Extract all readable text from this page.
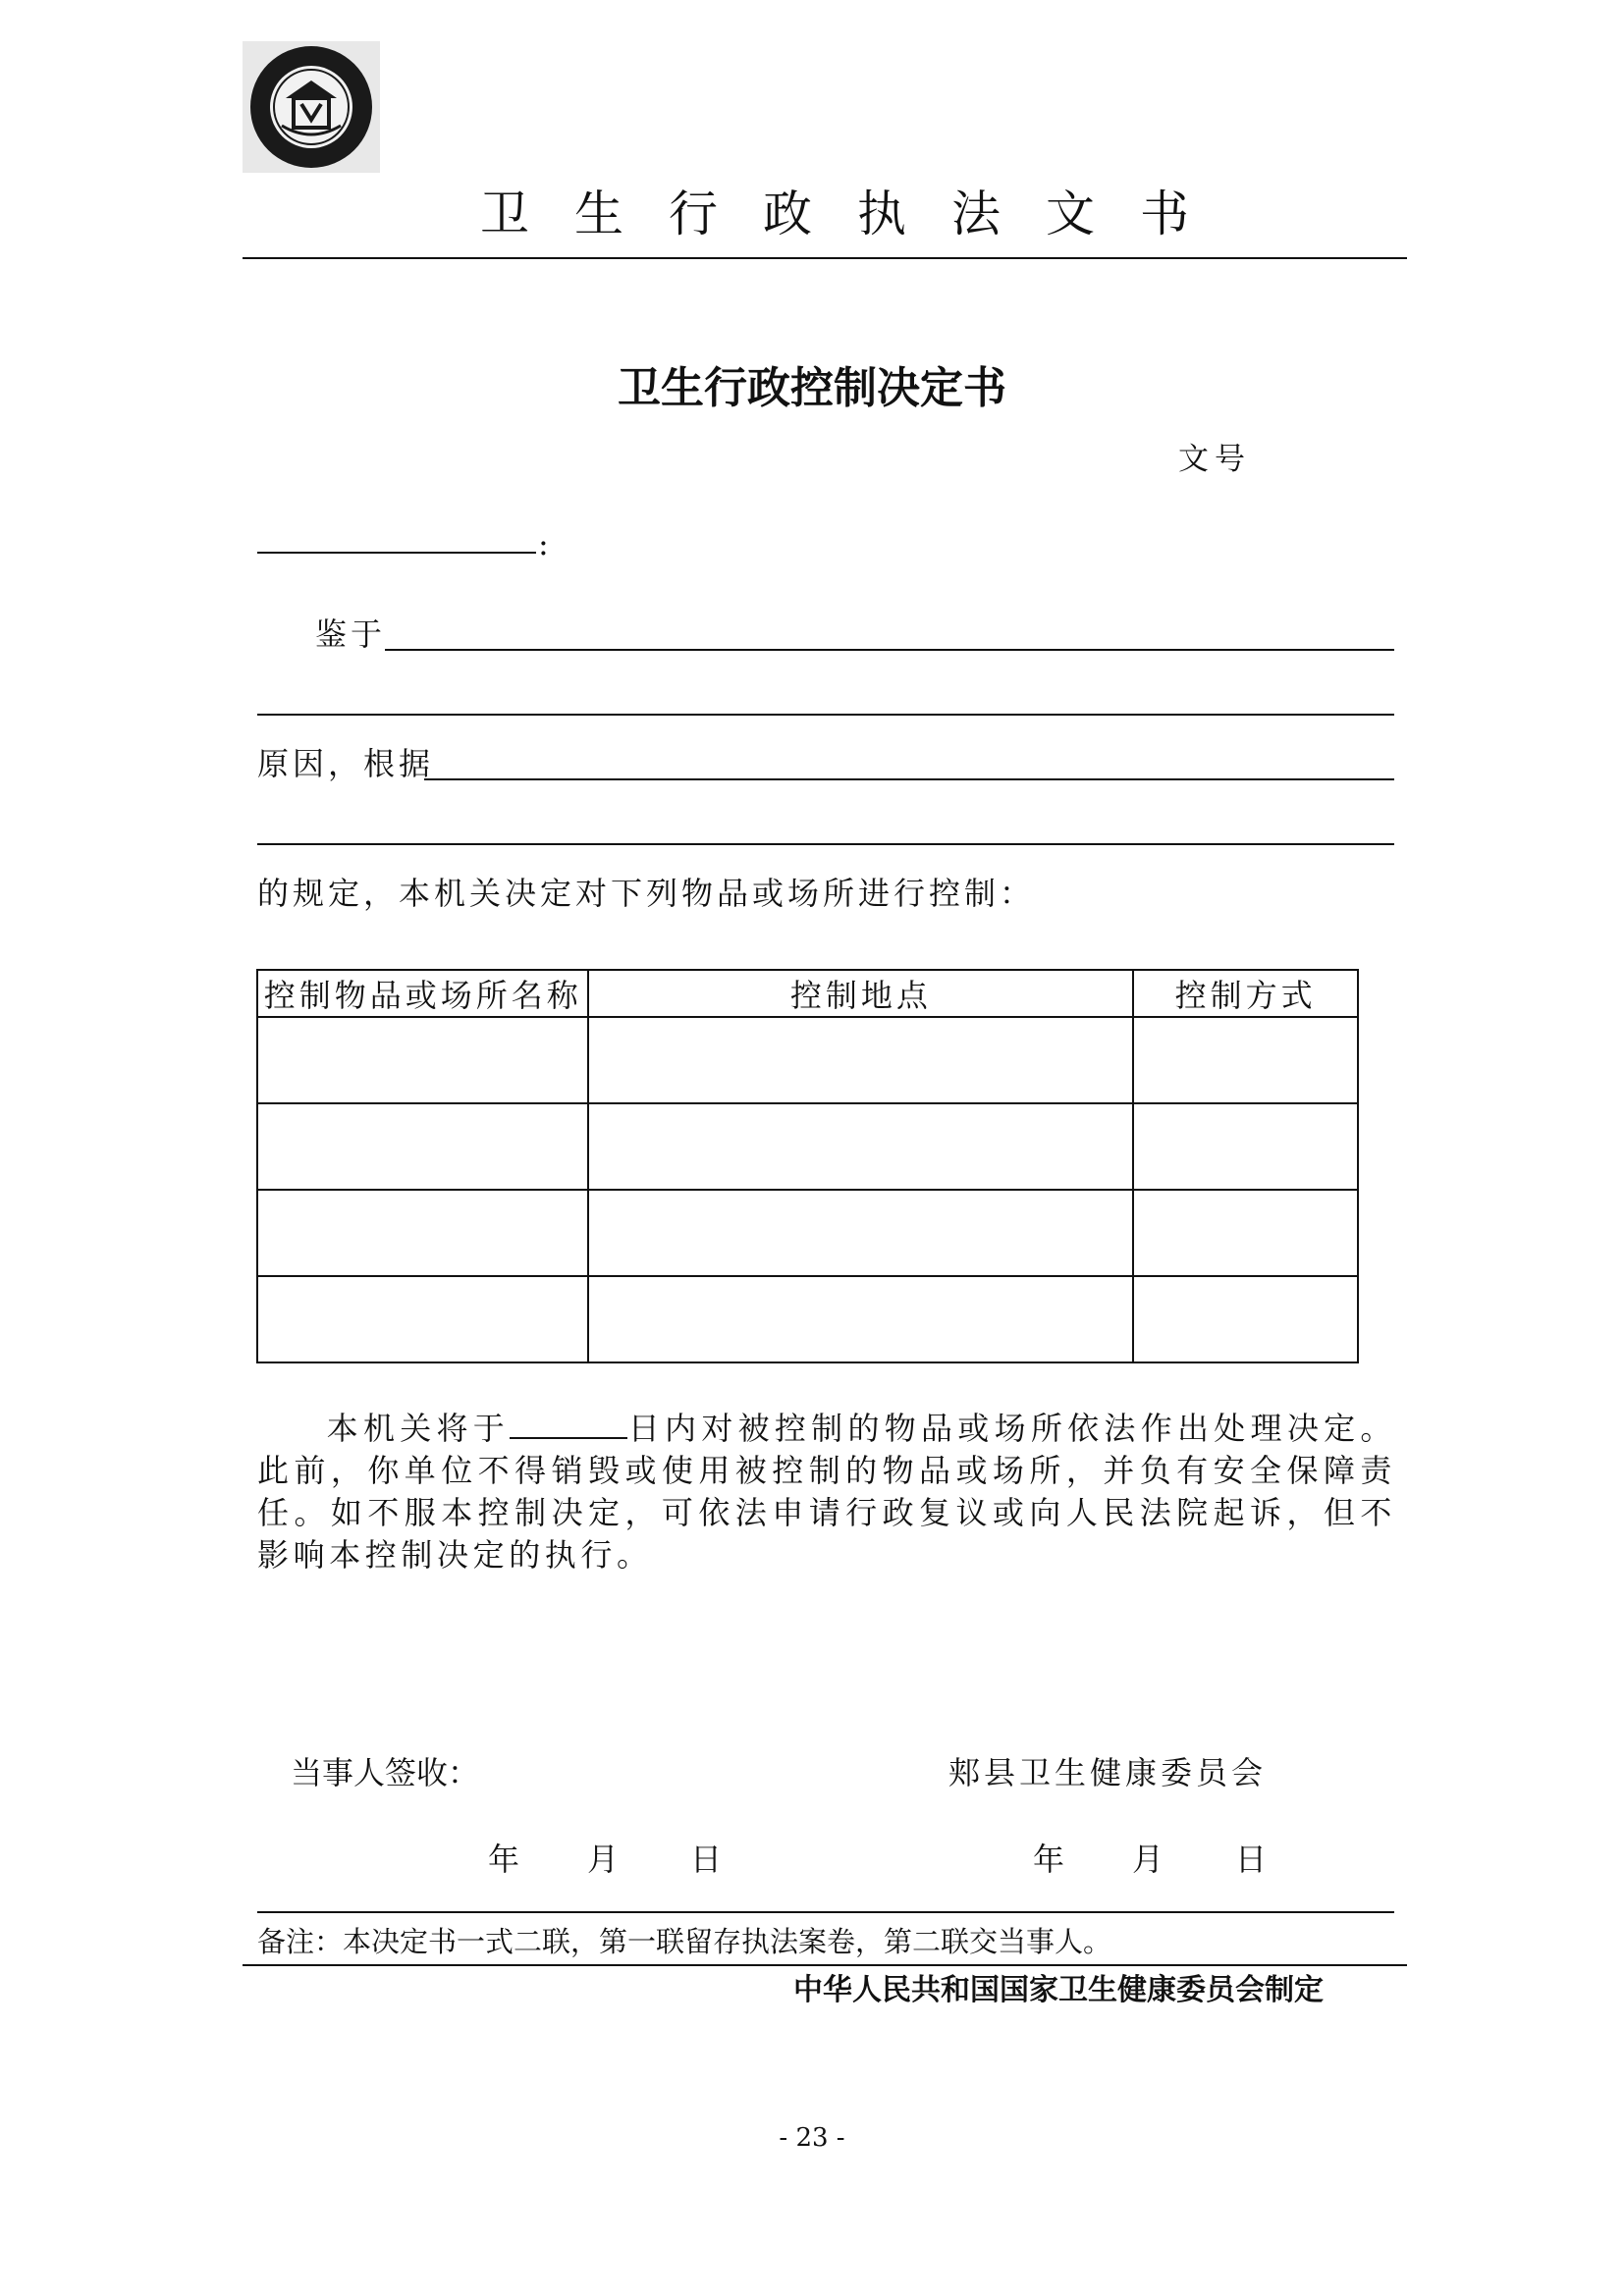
卫生行政执法文书
卫生行政控制决定书
文号
:
鉴于
原因，根据
的规定，本机关决定对下列物品或场所进行控制：
控制物品或场所名称	控制地点	控制方式

本机关将于	日内对被控制的物品或场所依法作出处理决定。此前，你单位不得销毁或使用被控制的物品或场所，并负有安全保障责任。如不服本控制决定，可依法申请行政复议或向人民法院起诉，但不影响本控制决定的执行。
当事人签收：	郏县卫生健康委员会
年 月 日	年 月 日
备注：本决定书一式二联，第一联留存执法案卷，第二联交当事人。
中华人民共和国国家卫生健康委员会制定
- 23 -
